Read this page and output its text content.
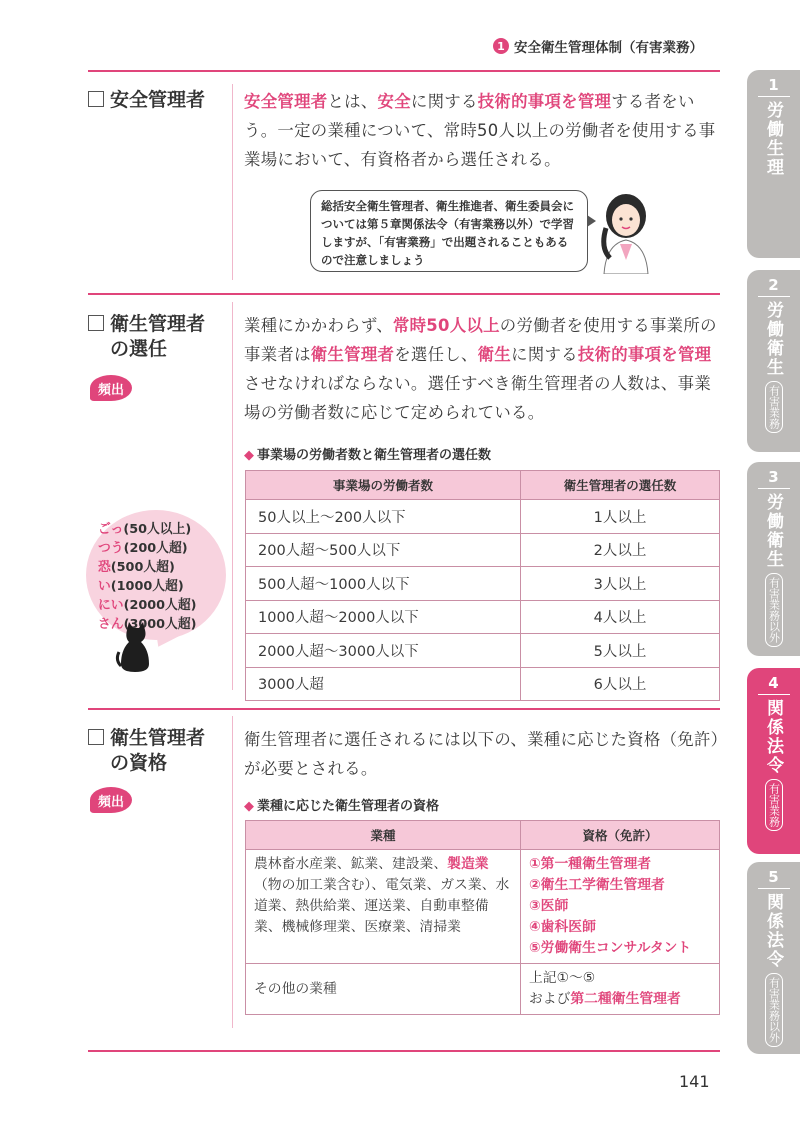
1 安全衛生管理体制（有害業務）
安全管理者 安全管理者とは、安全に関する技術的事項を管理する者をいう。一定の業種について、常時50人以上の労働者を使用する事業場において、有資格者から選任される。
総括安全衛生管理者、衛生推進者、衛生委員会については第５章関係法令（有害業務以外）で学習しますが、「有害業務」で出題されることもあるので注意しましょう
衛生管理者
の選任
頻出
業種にかかわらず、常時50人以上の労働者を使用する事業所の事業者は衛生管理者を選任し、衛生に関する技術的事項を管理させなければならない。選任すべき衛生管理者の人数は、事業場の労働者数に応じて定められている。
◆ 事業場の労働者数と衛生管理者の選任数
事業場の労働者数	衛生管理者の選任数
50人以上～200人以下	1人以上
200人超～500人以下	2人以上
500人超～1000人以下	3人以上
1000人超～2000人以下	4人以上
2000人超～3000人以下	5人以上
3000人超	6人以上
ごっ(50人以上)
つう(200人超)
恐(500人超)
い(1000人超)
にい(2000人超)
さん(3000人超)
衛生管理者
の資格
頻出
衛生管理者に選任されるには以下の、業種に応じた資格（免許）が必要とされる。
◆ 業種に応じた衛生管理者の資格
業種	資格（免許）
農林畜水産業、鉱業、建設業、製造業（物の加工業含む）、電気業、ガス業、水道業、熱供給業、運送業、自動車整備業、機械修理業、医療業、清掃業	①第一種衛生管理者
②衛生工学衛生管理者
③医師
④歯科医師
⑤労働衛生コンサルタント

その他の業種	上記①～⑤
および第二種衛生管理者
141
1
労働生理
2
労働衛生
有害業務
3
労働衛生
有害業務以外
4
関係法令
有害業務
5
関係法令
有害業務以外
